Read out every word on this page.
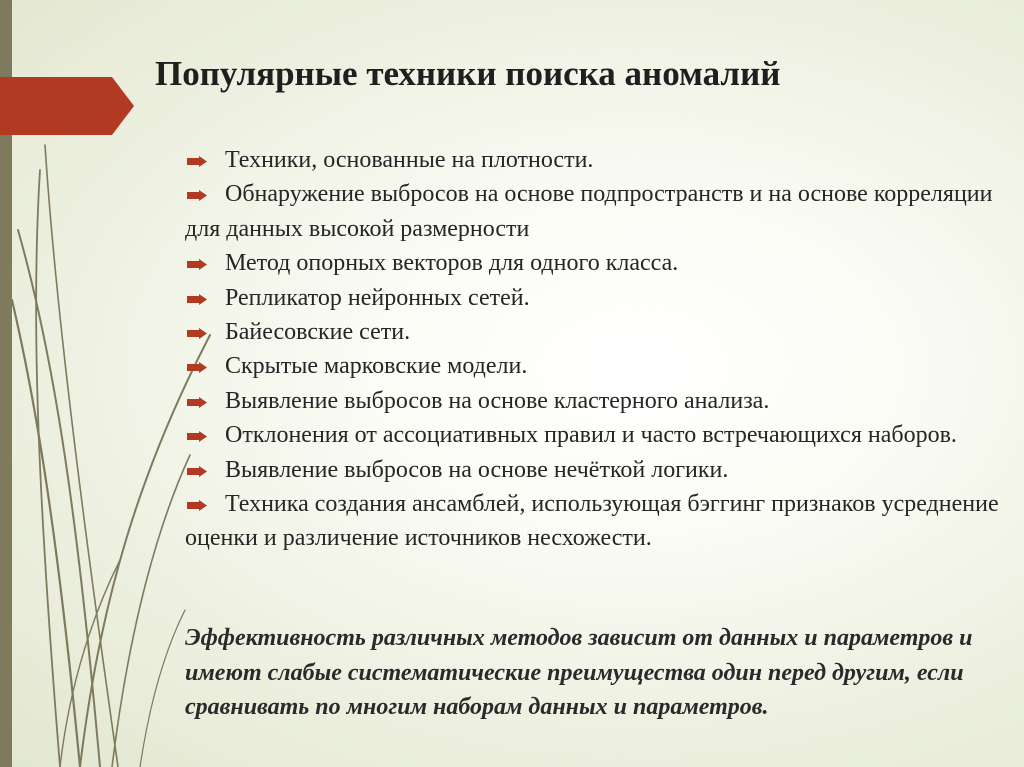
Популярные техники поиска аномалий
Техники, основанные на плотности.
Обнаружение выбросов на основе подпространств и на основе корреляции для данных высокой размерности
Метод опорных векторов для одного класса.
Репликатор нейронных сетей.
Байесовские сети.
Скрытые марковские модели.
Выявление выбросов на основе кластерного анализа.
Отклонения от ассоциативных правил и часто встречающихся наборов.
Выявление выбросов на основе нечёткой логики.
Техника создания ансамблей, использующая бэггинг признаков усреднение оценки и различение источников несхожести.

Эффективность различных методов зависит от данных и параметров и имеют слабые систематические преимущества один перед другим, если сравнивать по многим наборам данных и параметров.
